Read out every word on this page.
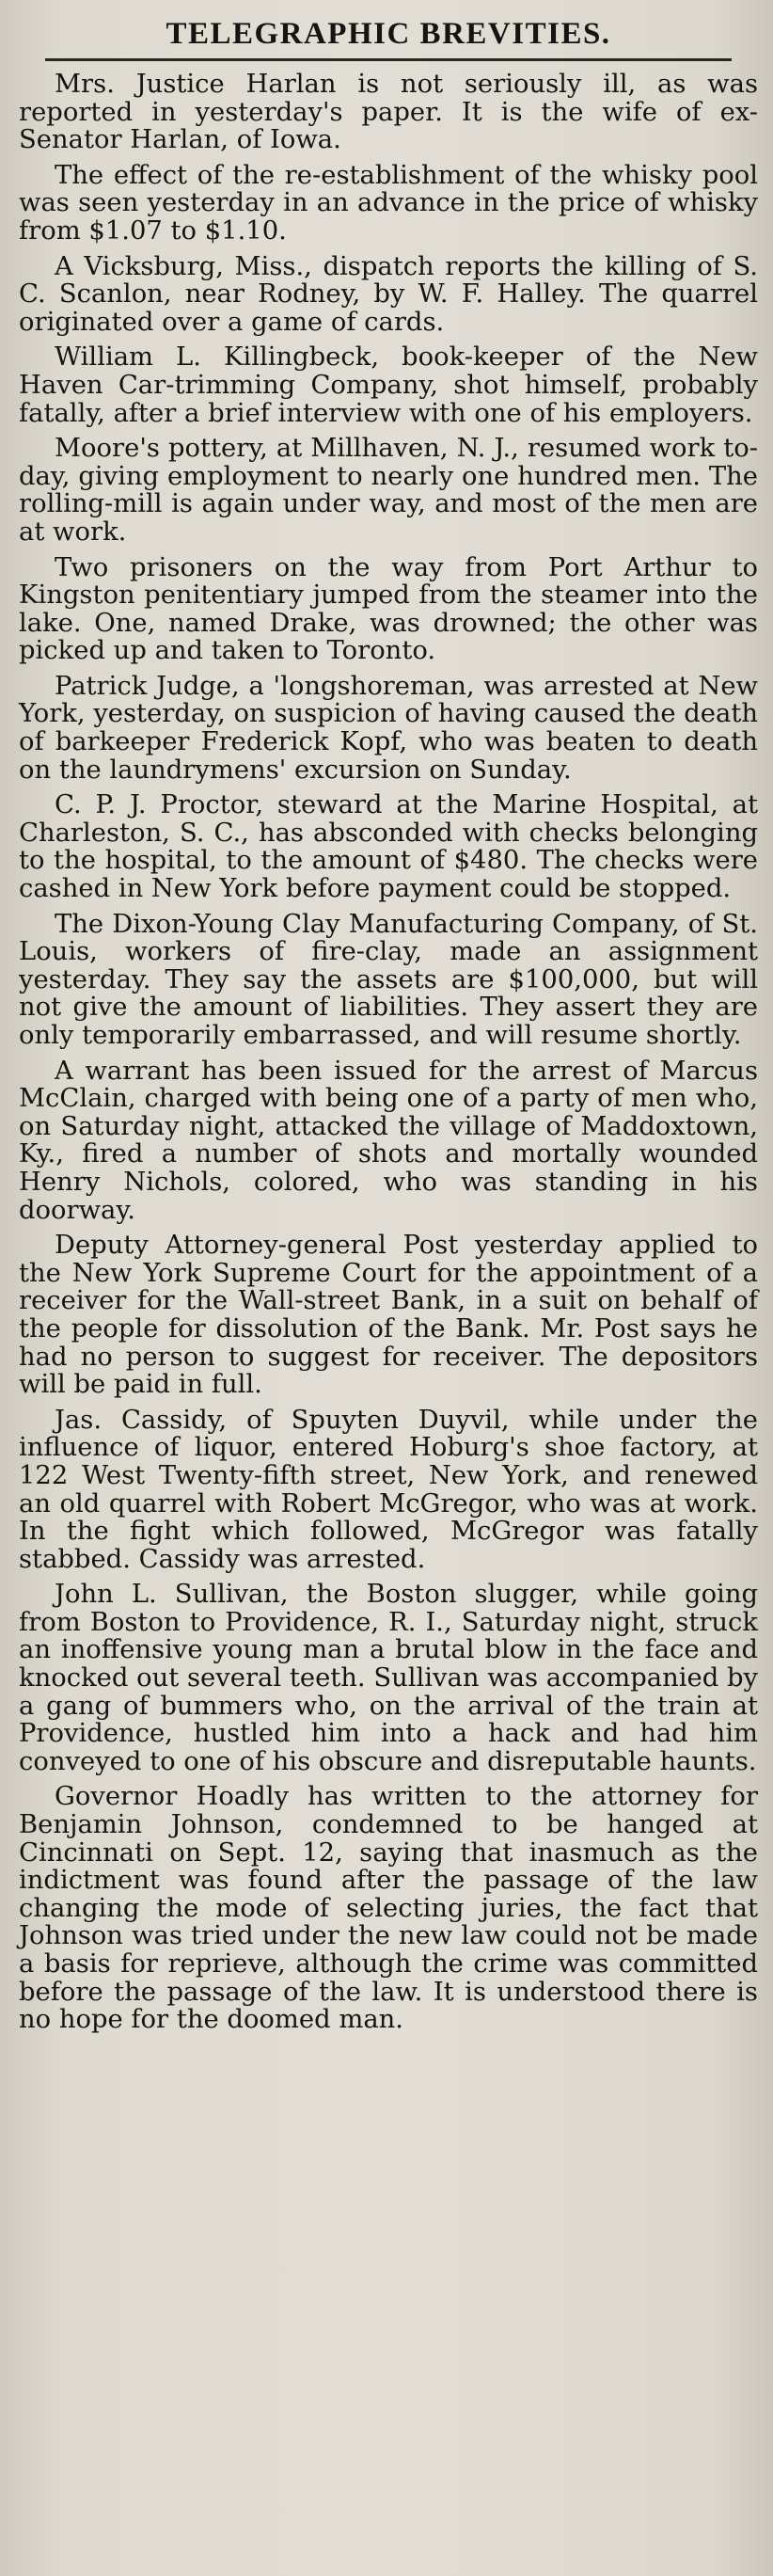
TELEGRAPHIC BREVITIES.

Mrs. Justice Harlan is not seriously ill, as was reported in yesterday's paper. It is the wife of ex-Senator Harlan, of Iowa.

The effect of the re-establishment of the whisky pool was seen yesterday in an advance in the price of whisky from $1.07 to $1.10.

A Vicksburg, Miss., dispatch reports the killing of S. C. Scanlon, near Rodney, by W. F. Halley. The quarrel originated over a game of cards.

William L. Killingbeck, book-keeper of the New Haven Car-trimming Company, shot himself, probably fatally, after a brief interview with one of his employers.

Moore's pottery, at Millhaven, N. J., resumed work to-day, giving employment to nearly one hundred men. The rolling-mill is again under way, and most of the men are at work.

Two prisoners on the way from Port Arthur to Kingston penitentiary jumped from the steamer into the lake. One, named Drake, was drowned; the other was picked up and taken to Toronto.

Patrick Judge, a 'longshoreman, was arrested at New York, yesterday, on suspicion of having caused the death of barkeeper Frederick Kopf, who was beaten to death on the laundrymens' excursion on Sunday.

C. P. J. Proctor, steward at the Marine Hospital, at Charleston, S. C., has absconded with checks belonging to the hospital, to the amount of $480. The checks were cashed in New York before payment could be stopped.

The Dixon-Young Clay Manufacturing Company, of St. Louis, workers of fire-clay, made an assignment yesterday. They say the assets are $100,000, but will not give the amount of liabilities. They assert they are only temporarily embarrassed, and will resume shortly.

A warrant has been issued for the arrest of Marcus McClain, charged with being one of a party of men who, on Saturday night, attacked the village of Maddoxtown, Ky., fired a number of shots and mortally wounded Henry Nichols, colored, who was standing in his doorway.

Deputy Attorney-general Post yesterday applied to the New York Supreme Court for the appointment of a receiver for the Wall-street Bank, in a suit on behalf of the people for dissolution of the Bank. Mr. Post says he had no person to suggest for receiver. The depositors will be paid in full.

Jas. Cassidy, of Spuyten Duyvil, while under the influence of liquor, entered Hoburg's shoe factory, at 122 West Twenty-fifth street, New York, and renewed an old quarrel with Robert McGregor, who was at work. In the fight which followed, McGregor was fatally stabbed. Cassidy was arrested.

John L. Sullivan, the Boston slugger, while going from Boston to Providence, R. I., Saturday night, struck an inoffensive young man a brutal blow in the face and knocked out several teeth. Sullivan was accompanied by a gang of bummers who, on the arrival of the train at Providence, hustled him into a hack and had him conveyed to one of his obscure and disreputable haunts.

Governor Hoadly has written to the attorney for Benjamin Johnson, condemned to be hanged at Cincinnati on Sept. 12, saying that inasmuch as the indictment was found after the passage of the law changing the mode of selecting juries, the fact that Johnson was tried under the new law could not be made a basis for reprieve, although the crime was committed before the passage of the law. It is understood there is no hope for the doomed man.
